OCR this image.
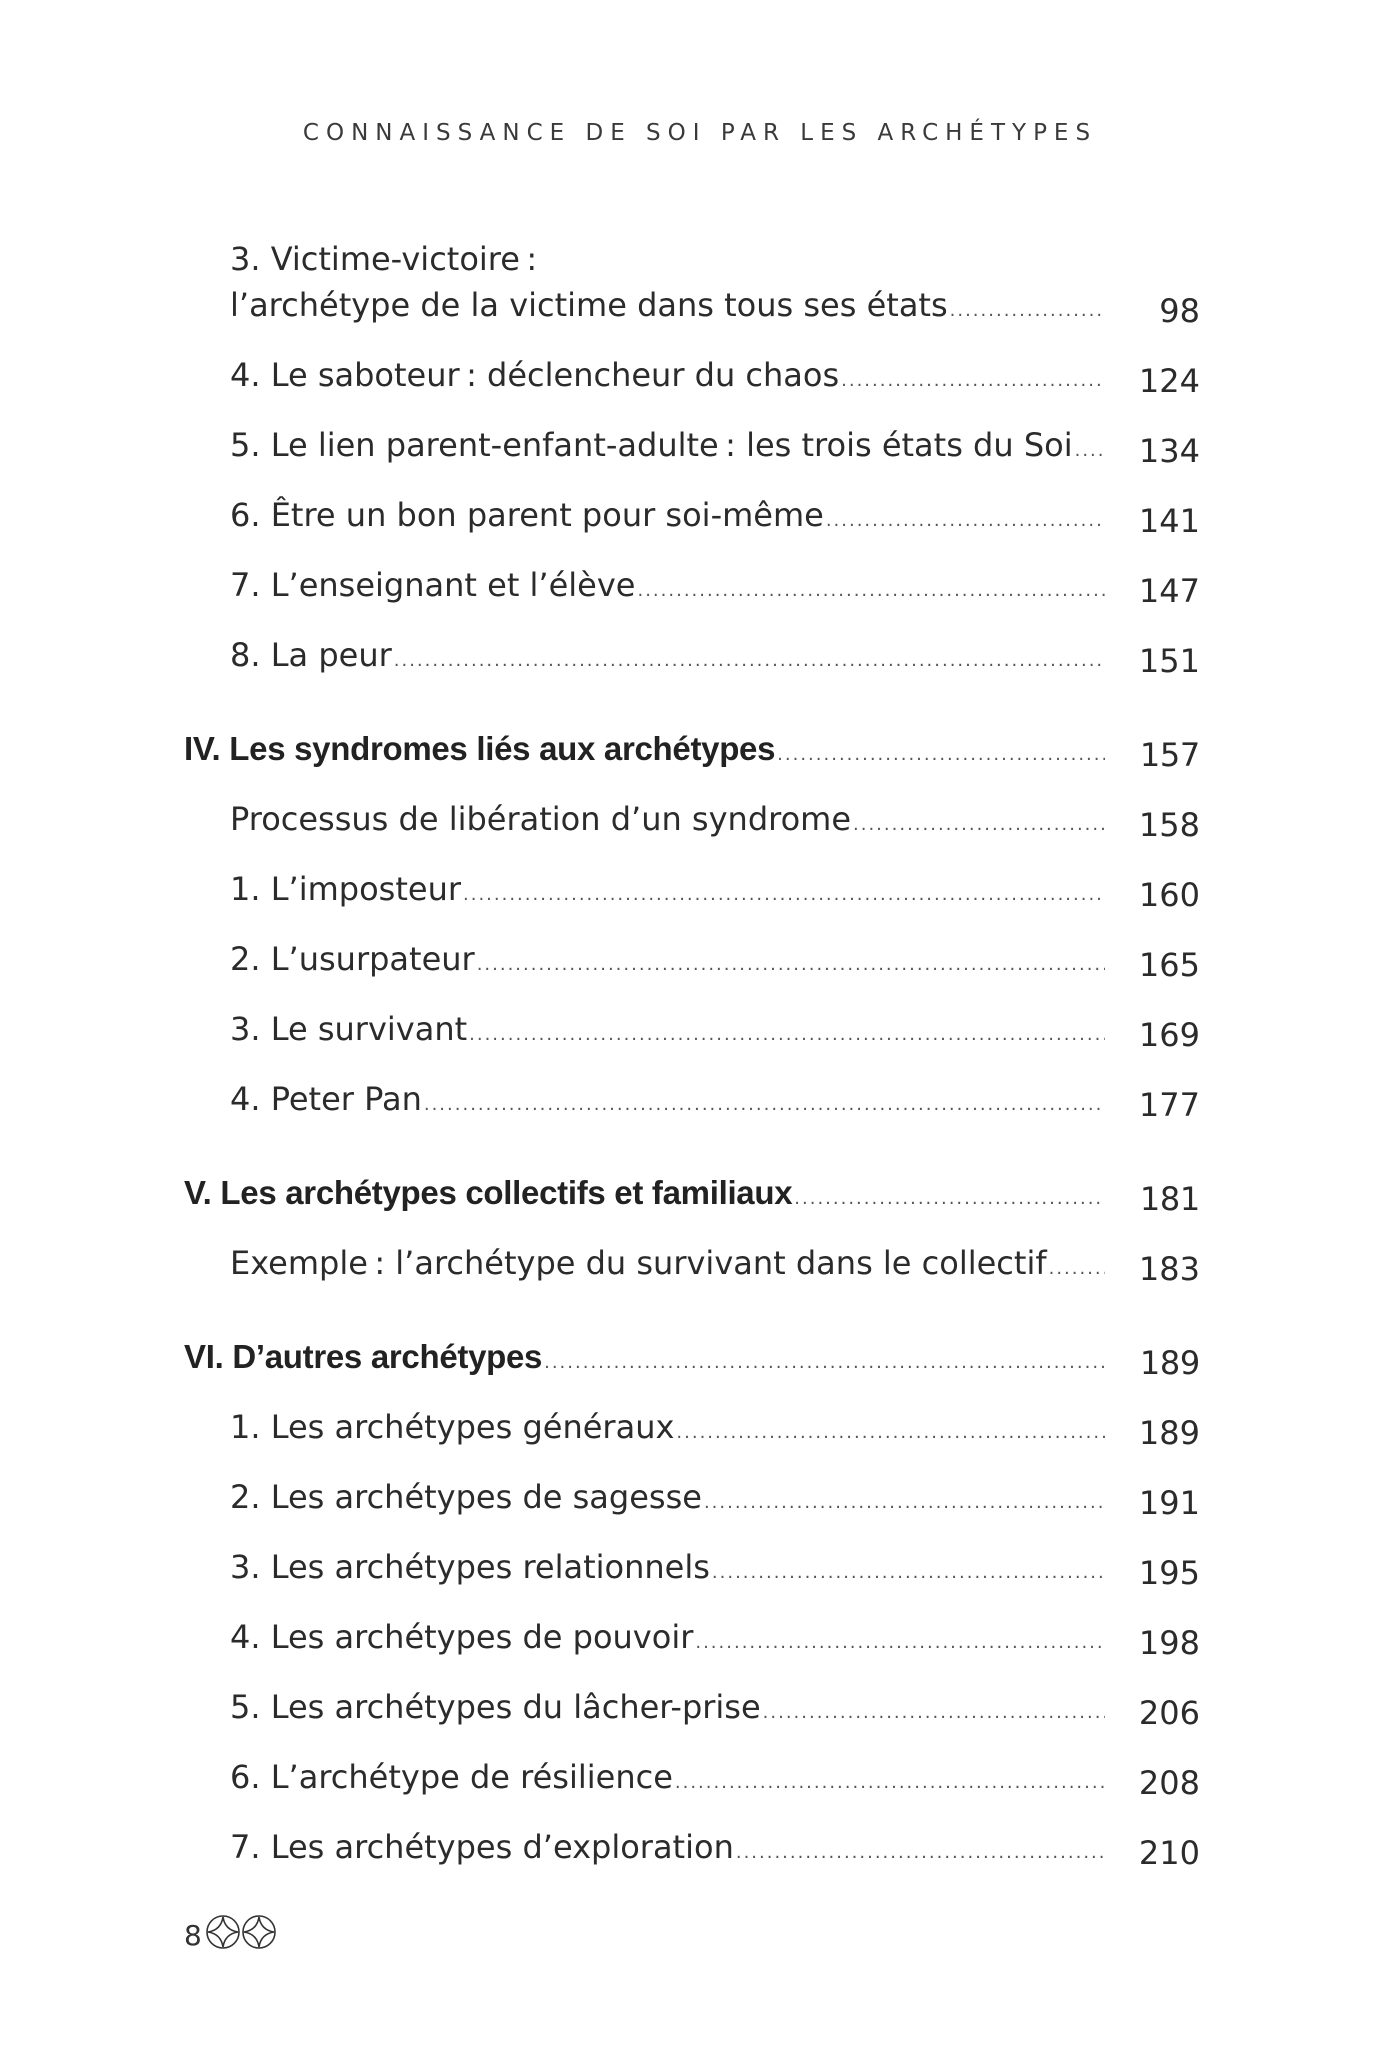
CONNAISSANCE DE SOI PAR LES ARCHÉTYPES
3. Victime-victoire :
l’archétype de la victime dans tous ses états .....	98
4. Le saboteur : déclencheur du chaos .....	124
5. Le lien parent-enfant-adulte : les trois états du Soi ..... 134
6. Être un bon parent pour soi-même .....	141
7. L’enseignant et l’élève .....	147
8. La peur .....	151
IV. Les syndromes liés aux archétypes .....	157
Processus de libération d’un syndrome .....	158
1. L’imposteur .....	160
2. L’usurpateur .....	165
3. Le survivant .....	169
4. Peter Pan .....	177
V. Les archétypes collectifs et familiaux .....	181
Exemple : l’archétype du survivant dans le collectif .....	183
VI. D’autres archétypes .....	189
1. Les archétypes généraux .....	189
2. Les archétypes de sagesse .....	191
3. Les archétypes relationnels .....	195
4. Les archétypes de pouvoir .....	198
5. Les archétypes du lâcher-prise .....	206
6. L’archétype de résilience .....	208
7. Les archétypes d’exploration .....	210
8
